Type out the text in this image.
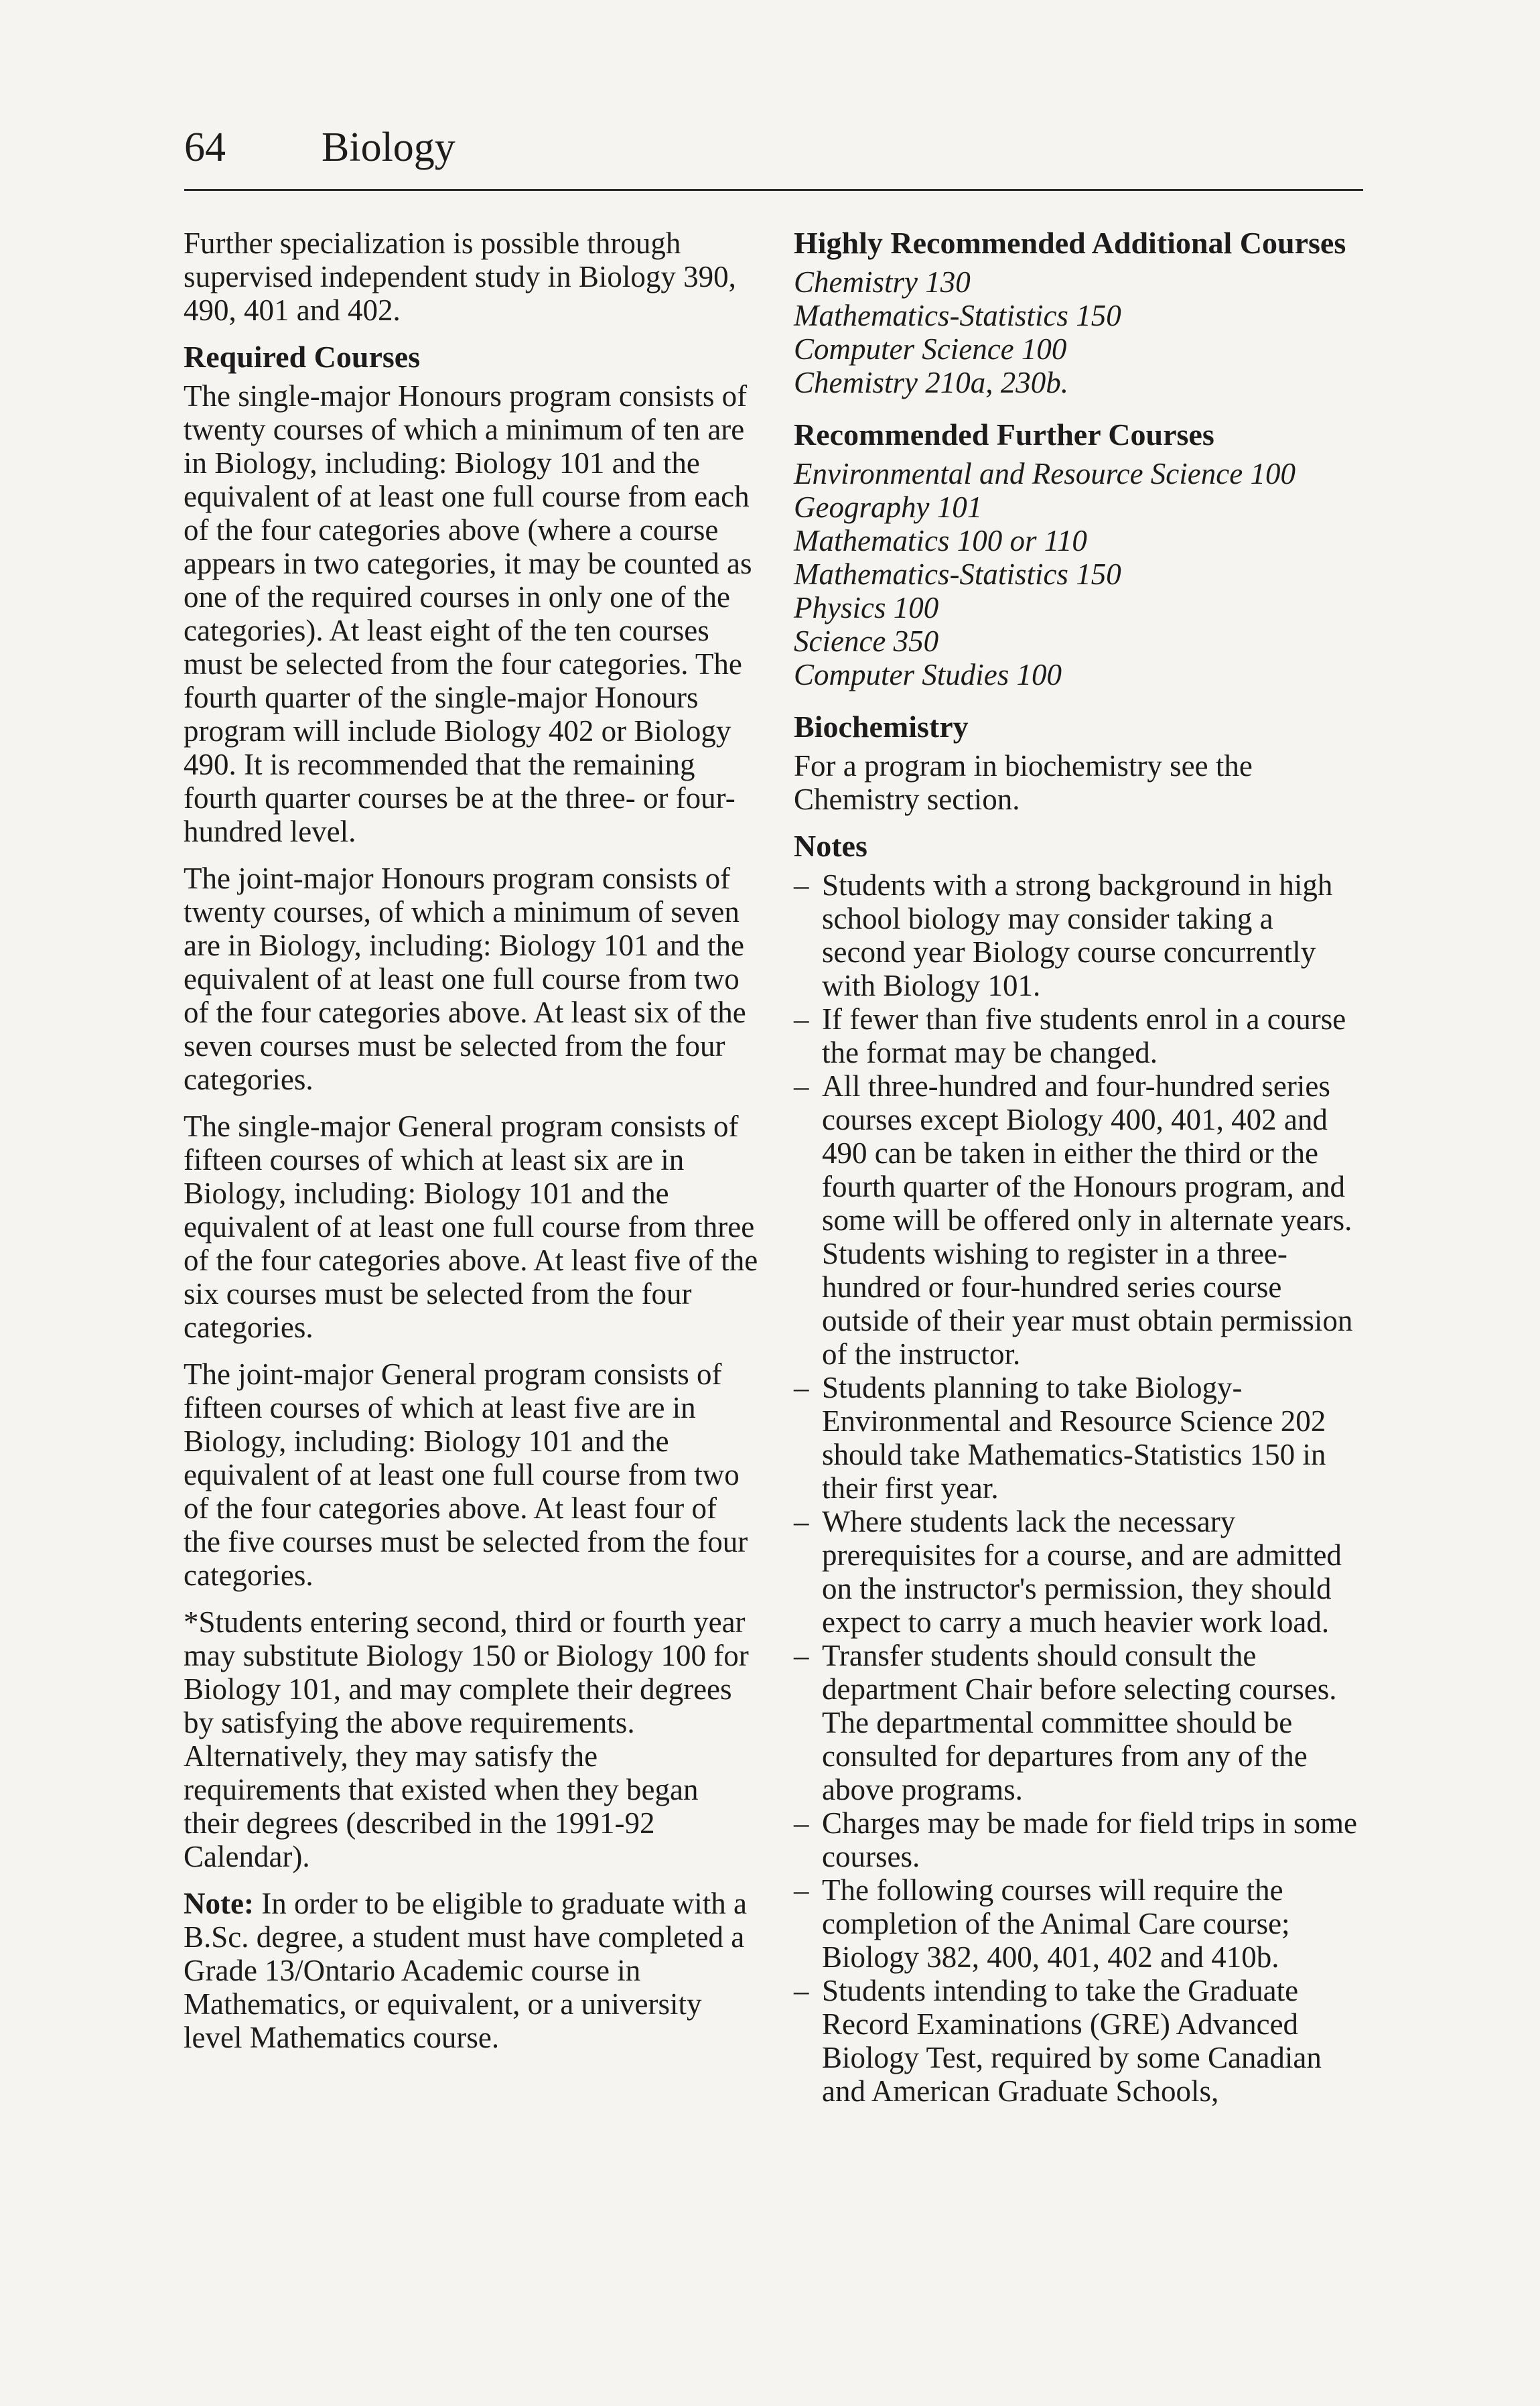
64 Biology

Further specialization is possible through supervised independent study in Biology 390, 490, 401 and 402.

Required Courses

The single-major Honours program consists of twenty courses of which a minimum of ten are in Biology, including: Biology 101 and the equivalent of at least one full course from each of the four categories above (where a course appears in two categories, it may be counted as one of the required courses in only one of the categories). At least eight of the ten courses must be selected from the four categories. The fourth quarter of the single-major Honours program will include Biology 402 or Biology 490. It is recommended that the remaining fourth quarter courses be at the three- or four-hundred level.

The joint-major Honours program consists of twenty courses, of which a minimum of seven are in Biology, including: Biology 101 and the equivalent of at least one full course from two of the four categories above. At least six of the seven courses must be selected from the four categories.

The single-major General program consists of fifteen courses of which at least six are in Biology, including: Biology 101 and the equivalent of at least one full course from three of the four categories above. At least five of the six courses must be selected from the four categories.

The joint-major General program consists of fifteen courses of which at least five are in Biology, including: Biology 101 and the equivalent of at least one full course from two of the four categories above. At least four of the five courses must be selected from the four categories.

*Students entering second, third or fourth year may substitute Biology 150 or Biology 100 for Biology 101, and may complete their degrees by satisfying the above requirements. Alternatively, they may satisfy the requirements that existed when they began their degrees (described in the 1991-92 Calendar).

Note: In order to be eligible to graduate with a B.Sc. degree, a student must have completed a Grade 13/Ontario Academic course in Mathematics, or equivalent, or a university level Mathematics course.

Highly Recommended Additional Courses
Chemistry 130
Mathematics-Statistics 150
Computer Science 100
Chemistry 210a, 230b.
Recommended Further Courses
Environmental and Resource Science 100
Geography 101
Mathematics 100 or 110
Mathematics-Statistics 150
Physics 100
Science 350
Computer Studies 100
Biochemistry

For a program in biochemistry see the Chemistry section.

Notes
– Students with a strong background in high school biology may consider taking a second year Biology course concurrently with Biology 101.
– If fewer than five students enrol in a course the format may be changed.
– All three-hundred and four-hundred series courses except Biology 400, 401, 402 and 490 can be taken in either the third or the fourth quarter of the Honours program, and some will be offered only in alternate years. Students wishing to register in a three-hundred or four-hundred series course outside of their year must obtain permission of the instructor.
– Students planning to take Biology-Environmental and Resource Science 202 should take Mathematics-Statistics 150 in their first year.
– Where students lack the necessary prerequisites for a course, and are admitted on the instructor's permission, they should expect to carry a much heavier work load.
– Transfer students should consult the department Chair before selecting courses. The departmental committee should be consulted for departures from any of the above programs.
– Charges may be made for field trips in some courses.
– The following courses will require the completion of the Animal Care course; Biology 382, 400, 401, 402 and 410b.
– Students intending to take the Graduate Record Examinations (GRE) Advanced Biology Test, required by some Canadian and American Graduate Schools,
